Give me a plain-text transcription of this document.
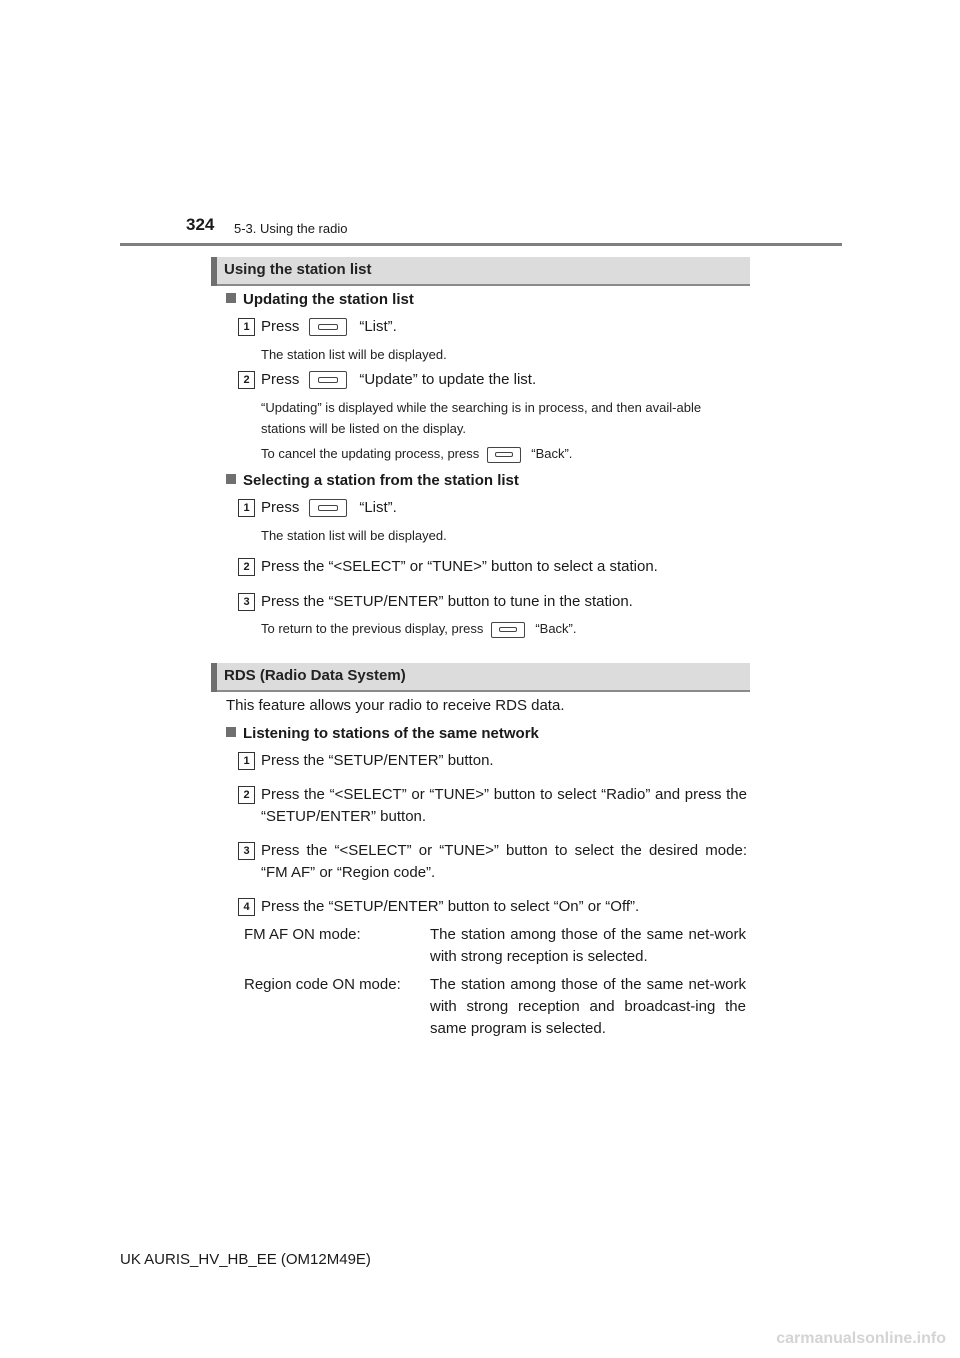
324 5-3. Using the radio
Using the station list
Updating the station list
1 Press	“List”.
The station list will be displayed.
2 Press	“Update” to update the list.
“Updating” is displayed while the searching is in process, and then avail-able stations will be listed on the display.
To cancel the updating process, press	“Back”.
Selecting a station from the station list
1 Press	“List”.
The station list will be displayed.
2 Press the “<SELECT” or “TUNE>” button to select a station.
3 Press the “SETUP/ENTER” button to tune in the station.
To return to the previous display, press	“Back”.
RDS (Radio Data System)
This feature allows your radio to receive RDS data.
Listening to stations of the same network
1 Press the “SETUP/ENTER” button.
2 Press the “<SELECT” or “TUNE>” button to select “Radio” and press the “SETUP/ENTER” button.
3 Press the “<SELECT” or “TUNE>” button to select the desired mode: “FM AF” or “Region code”.
4 Press the “SETUP/ENTER” button to select “On” or “Off”.
FM AF ON mode:	The station among those of the same net-work with strong reception is selected.
Region code ON mode: The station among those of the same net-work with strong reception and broadcast-ing the same program is selected.
UK AURIS_HV_HB_EE (OM12M49E)
carmanualsonline.info
